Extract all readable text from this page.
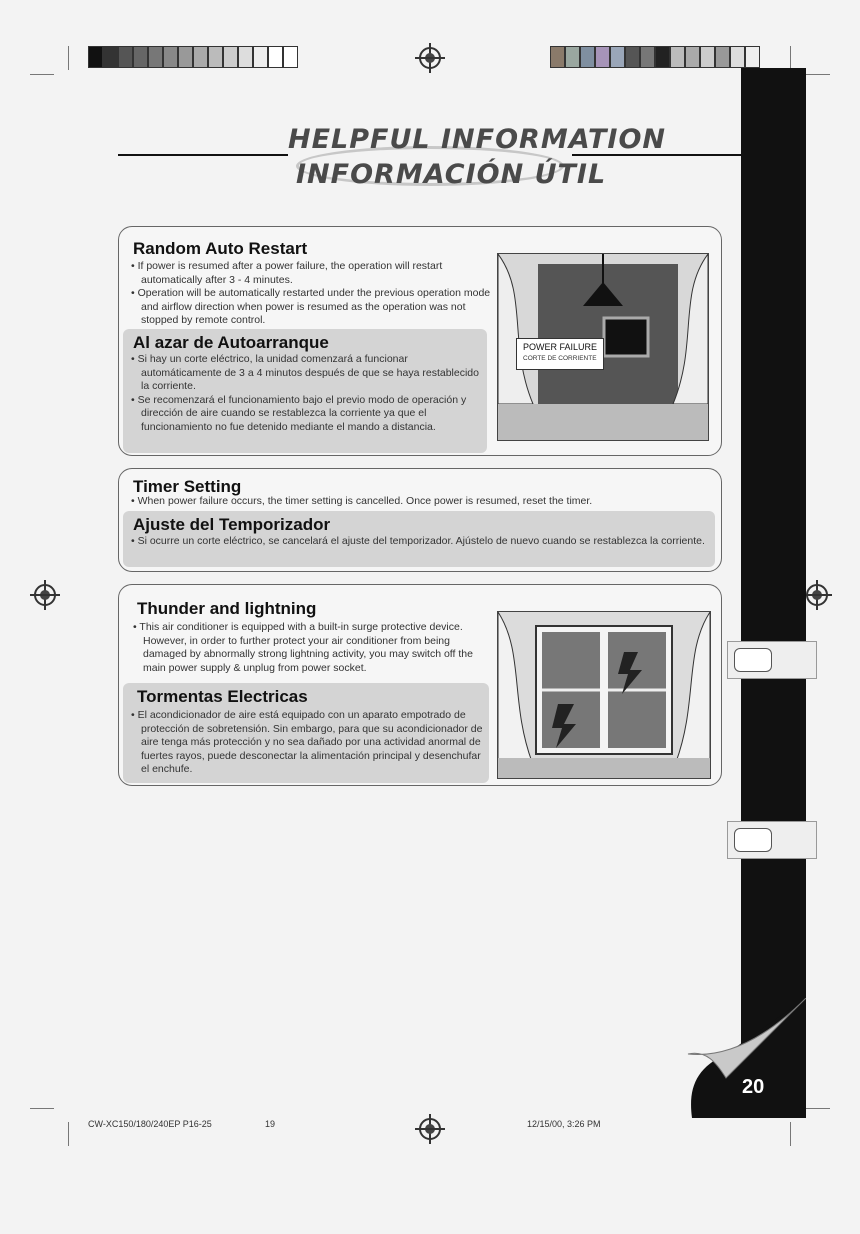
HELPFUL INFORMATION
INFORMACIÓN ÚTIL
Random Auto Restart

• If power is resumed after a power failure, the operation will restart automatically after 3 - 4 minutes.

• Operation will be automatically restarted under the previous operation mode and airflow direction when power is resumed as the operation was not stopped by remote control.

Al azar de Autoarranque

• Si hay un corte eléctrico, la unidad comenzará a funcionar automáticamente de 3 a 4 minutos después de que se haya restablecido la corriente.

• Se recomenzará el funcionamiento bajo el previo modo de operación y dirección de aire cuando se restablezca la corriente ya que el funcionamiento no fue detenido mediante el mando a distancia.

POWER FAILURE
CORTE DE CORRIENTE
Timer Setting

• When power failure occurs, the timer setting is cancelled. Once power is resumed, reset the timer.

Ajuste del Temporizador

• Si ocurre un corte eléctrico, se cancelará el ajuste del temporizador. Ajústelo de nuevo cuando se restablezca la corriente.

Thunder and lightning

• This air conditioner is equipped with a built-in surge protective device. However, in order to further protect your air conditioner from being damaged by abnormally strong lightning activity, you may switch off the main power supply & unplug from power socket.

Tormentas Electricas

• El acondicionador de aire está equipado con un aparato empotrado de protección de sobretensión. Sin embargo, para que su acondicionador de aire tenga más protección y no sea dañado por una actividad anormal de fuertes rayos, puede desconectar la alimentación principal y desenchufar el enchufe.

20
CW-XC150/180/240EP P16-25	19	12/15/00, 3:26 PM
